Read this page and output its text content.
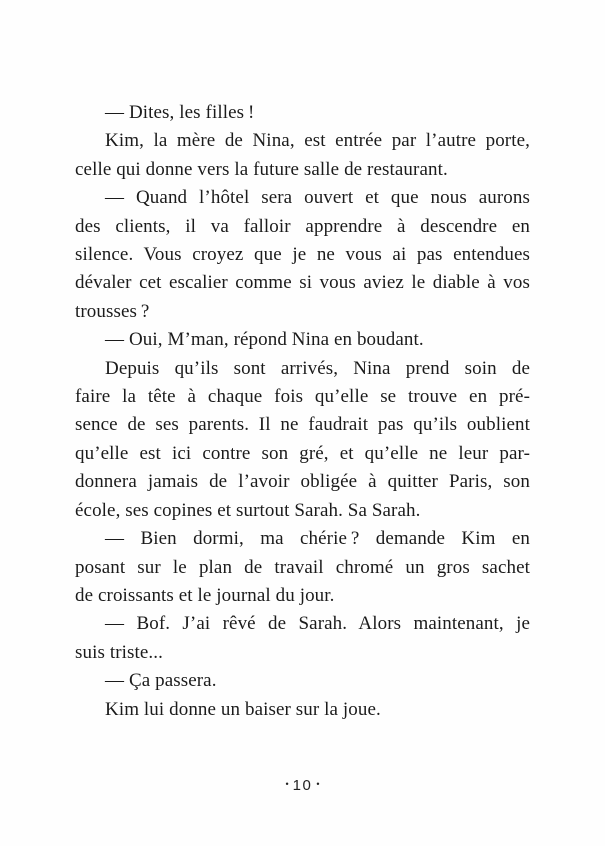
— Dites, les filles !
Kim, la mère de Nina, est entrée par l’autre porte,
celle qui donne vers la future salle de restaurant.
— Quand l’hôtel sera ouvert et que nous aurons
des clients, il va falloir apprendre à descendre en
silence. Vous croyez que je ne vous ai pas entendues
dévaler cet escalier comme si vous aviez le diable à vos
trousses ?
— Oui, M’man, répond Nina en boudant.
Depuis qu’ils sont arrivés, Nina prend soin de
faire la tête à chaque fois qu’elle se trouve en pré-
sence de ses parents. Il ne faudrait pas qu’ils oublient
qu’elle est ici contre son gré, et qu’elle ne leur par-
donnera jamais de l’avoir obligée à quitter Paris, son
école, ses copines et surtout Sarah. Sa Sarah.
— Bien dormi, ma chérie ? demande Kim en
posant sur le plan de travail chromé un gros sachet
de croissants et le journal du jour.
— Bof. J’ai rêvé de Sarah. Alors maintenant, je
suis triste...
— Ça passera.
Kim lui donne un baiser sur la joue.
• 10 •
